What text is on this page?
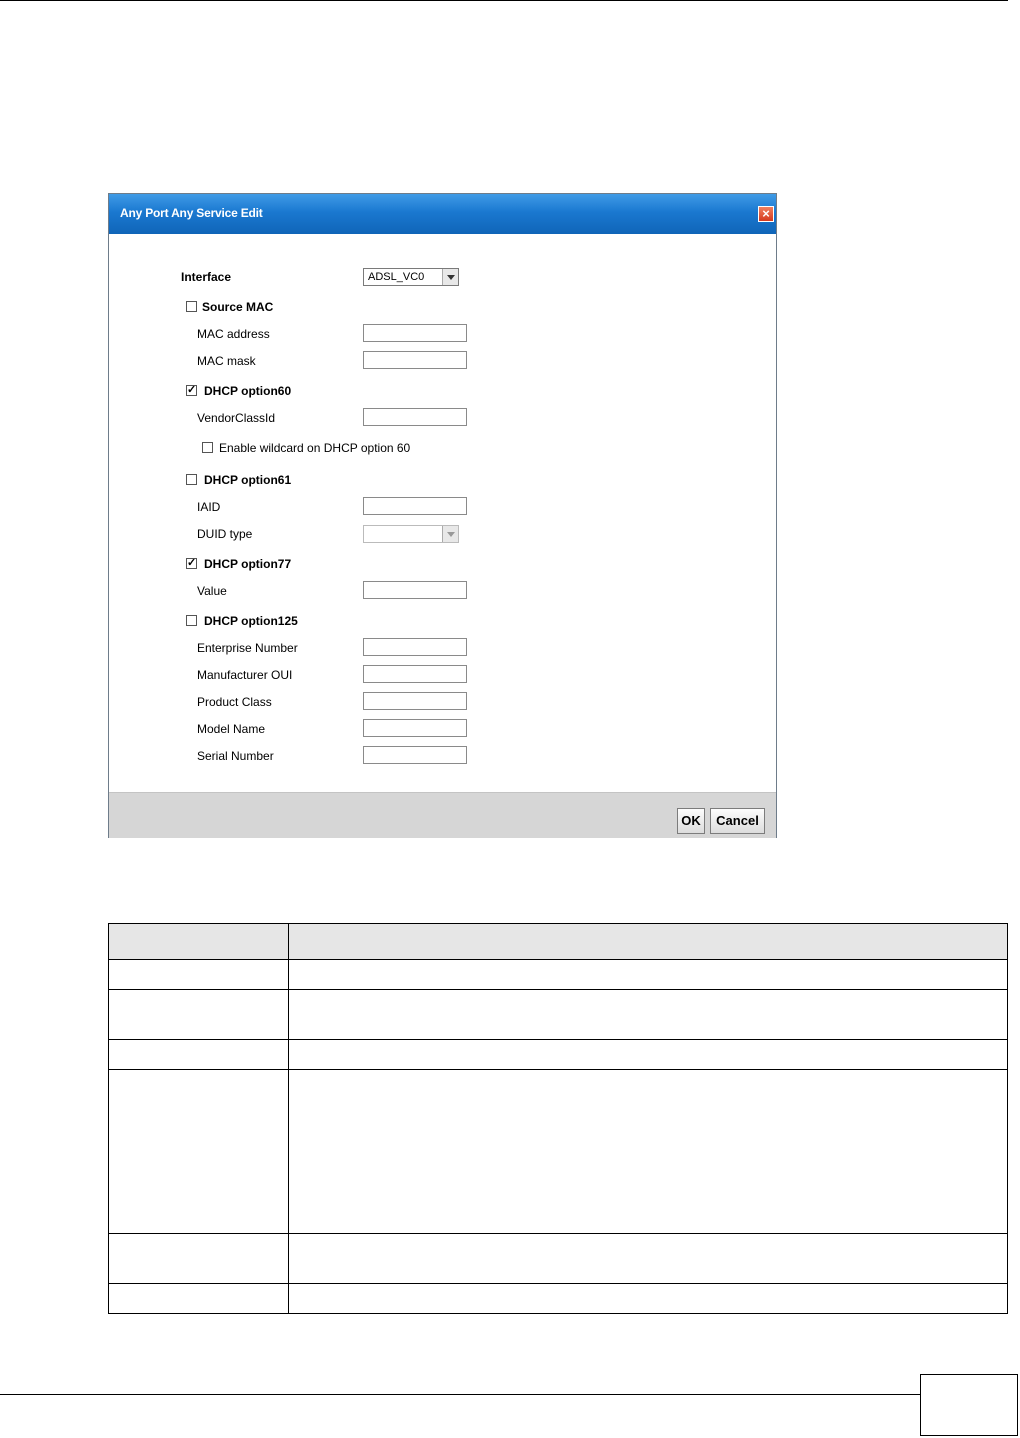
Any Port Any Service Edit	×
Interface	ADSL_VC0
Source MAC
MAC address
MAC mask
✓ DHCP option60
VendorClassId
Enable wildcard on DHCP option 60
DHCP option61
IAID
DUID type
✓ DHCP option77
Value
DHCP option125
Enterprise Number
Manufacturer OUI
Product Class
Model Name
Serial Number
OK	Cancel
